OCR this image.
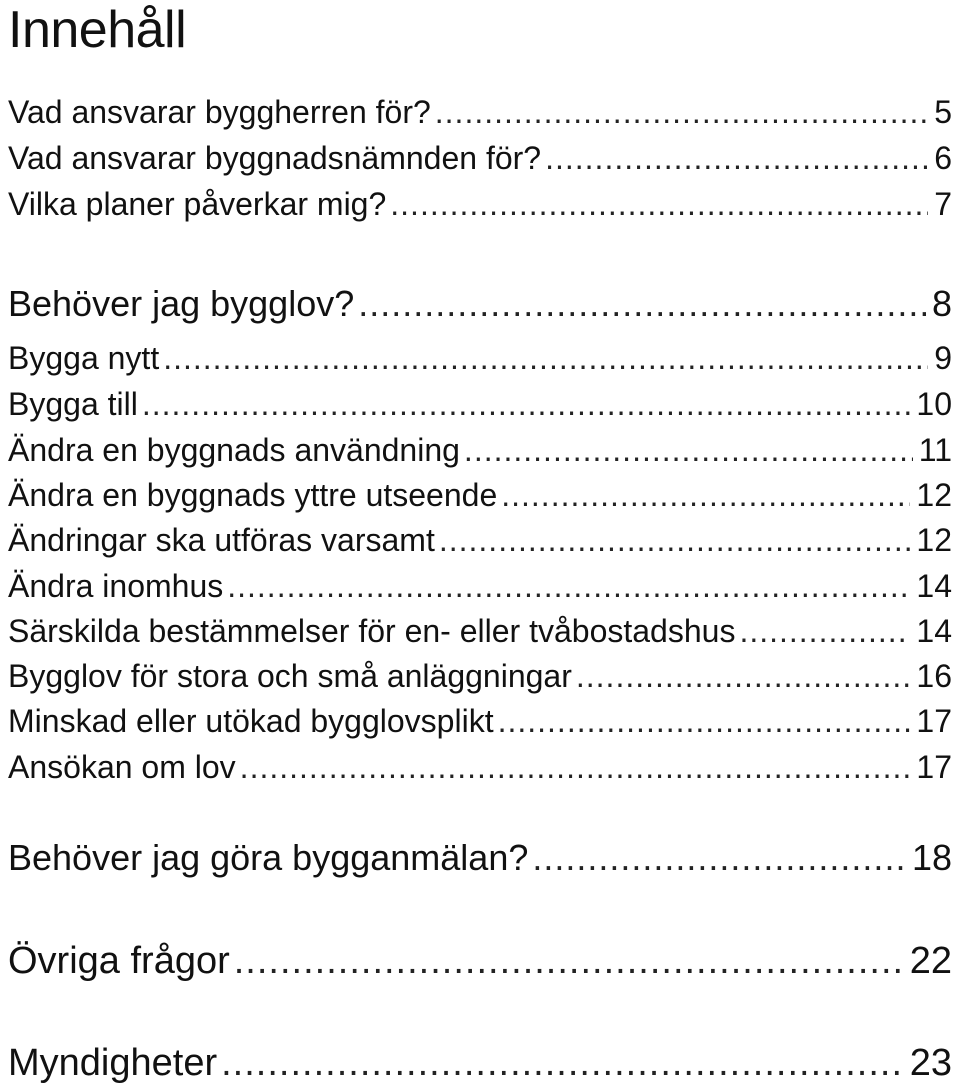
Innehåll
Vad ansvarar byggherren för? .....	5
Vad ansvarar byggnadsnämnden för? .....	6
Vilka planer påverkar mig? .....	7
Behöver jag bygglov? .....	8
Bygga nytt .....	9
Bygga till .....	10
Ändra en byggnads användning .....	11
Ändra en byggnads yttre utseende .....	12
Ändringar ska utföras varsamt .....	12
Ändra inomhus .....	14
Särskilda bestämmelser för en- eller tvåbostadshus .....	14
Bygglov för stora och små anläggningar .....	16
Minskad eller utökad bygglovsplikt .....	17
Ansökan om lov .....	17
Behöver jag göra bygganmälan? .....	18
Övriga frågor .....	22
Myndigheter .....	23
